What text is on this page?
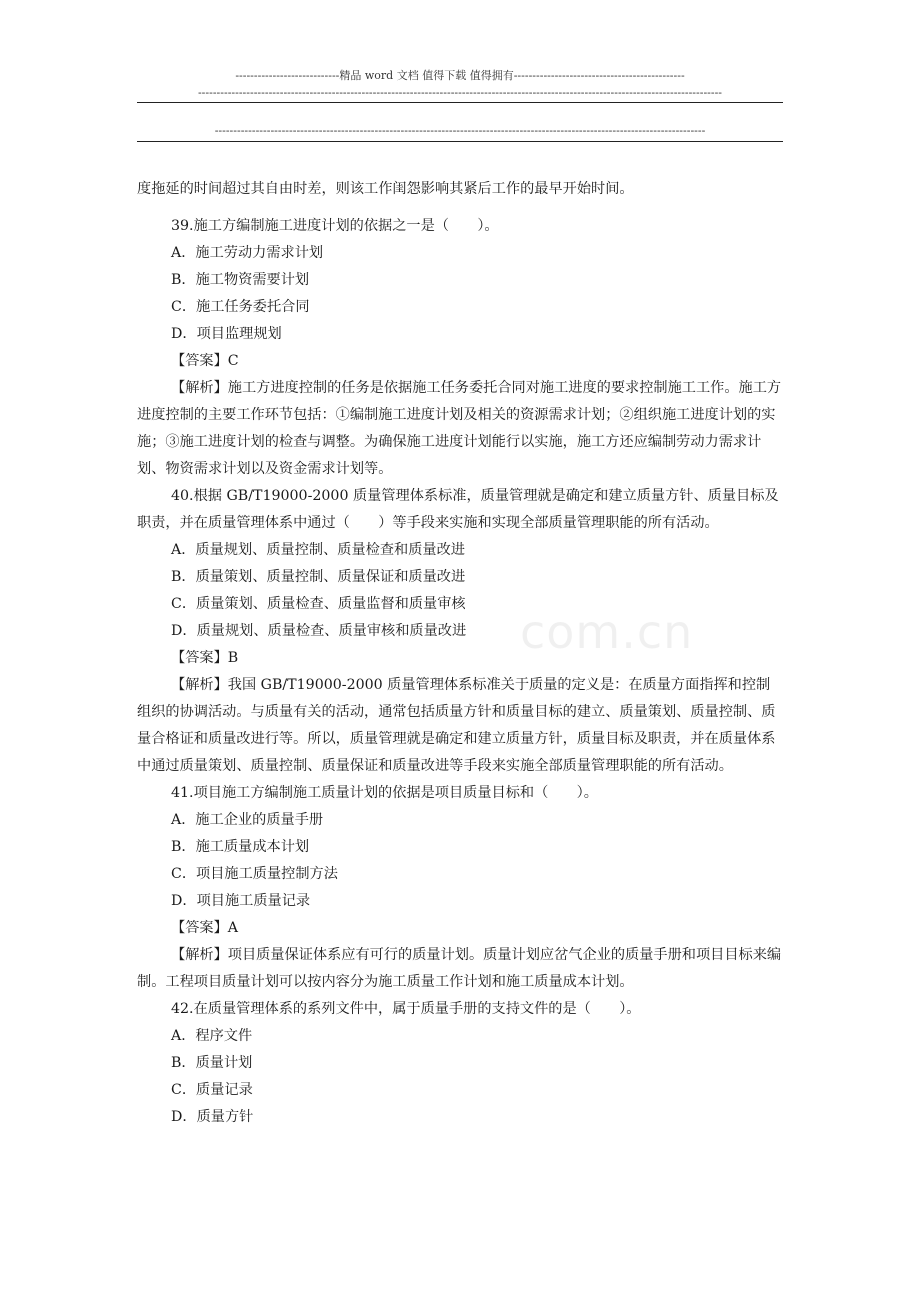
----------------------------精品 word 文档 值得下载 值得拥有----------------------------------------------
---------------------------------------------------------------------------------------------------------------------------------------------
------------------------------------------------------------------------------------------------------------------------------------
com.cn

度拖延的时间超过其自由时差，则该工作闺怨影响其紧后工作的最早开始时间。

39.施工方编制施工进度计划的依据之一是（　　）。

A．施工劳动力需求计划

B．施工物资需要计划

C．施工任务委托合同

D．项目监理规划

【答案】C

【解析】施工方进度控制的任务是依据施工任务委托合同对施工进度的要求控制施工工作。施工方进度控制的主要工作环节包括：①编制施工进度计划及相关的资源需求计划；②组织施工进度计划的实施；③施工进度计划的检查与调整。为确保施工进度计划能行以实施，施工方还应编制劳动力需求计划、物资需求计划以及资金需求计划等。

40.根据 GB/T19000-2000 质量管理体系标准，质量管理就是确定和建立质量方针、质量目标及职责，并在质量管理体系中通过（　　）等手段来实施和实现全部质量管理职能的所有活动。

A．质量规划、质量控制、质量检查和质量改进

B．质量策划、质量控制、质量保证和质量改进

C．质量策划、质量检查、质量监督和质量审核

D．质量规划、质量检查、质量审核和质量改进

【答案】B

【解析】我国 GB/T19000-2000 质量管理体系标准关于质量的定义是：在质量方面指挥和控制组织的协调活动。与质量有关的活动，通常包括质量方针和质量目标的建立、质量策划、质量控制、质量合格证和质量改进行等。所以，质量管理就是确定和建立质量方针，质量目标及职责，并在质量体系中通过质量策划、质量控制、质量保证和质量改进等手段来实施全部质量管理职能的所有活动。

41.项目施工方编制施工质量计划的依据是项目质量目标和（　　）。

A．施工企业的质量手册

B．施工质量成本计划

C．项目施工质量控制方法

D．项目施工质量记录

【答案】A

【解析】项目质量保证体系应有可行的质量计划。质量计划应岔气企业的质量手册和项目目标来编制。工程项目质量计划可以按内容分为施工质量工作计划和施工质量成本计划。

42.在质量管理体系的系列文件中，属于质量手册的支持文件的是（　　）。

A．程序文件

B．质量计划

C．质量记录

D．质量方针
